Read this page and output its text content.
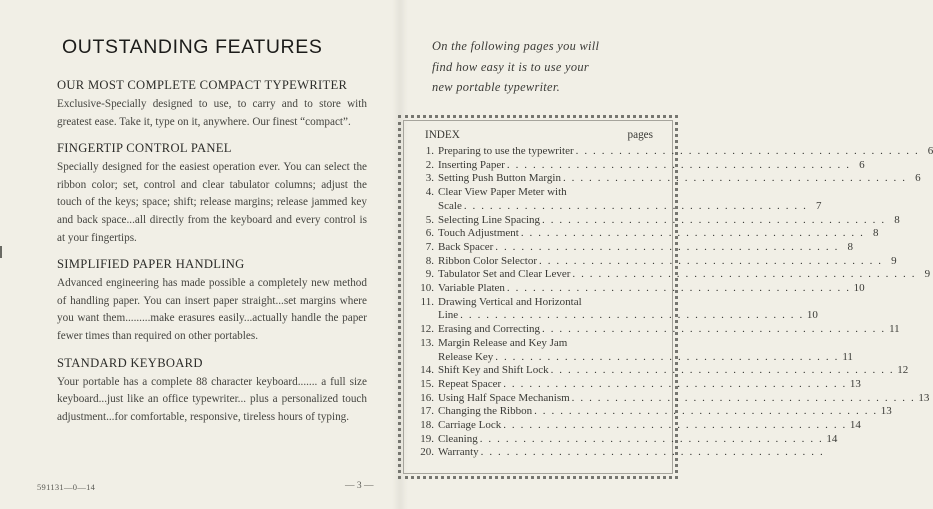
OUTSTANDING FEATURES
OUR MOST COMPLETE COMPACT TYPEWRITER

Exclusive-Specially designed to use, to carry and to store with greatest ease. Take it, type on it, anywhere. Our finest “compact”.

FINGERTIP CONTROL PANEL

Specially designed for the easiest operation ever. You can select the ribbon color; set, control and clear tabulator columns; adjust the touch of the keys; space; shift; release margins; release jammed key and back space...all directly from the keyboard and every control is at your fingertips.

SIMPLIFIED PAPER HANDLING

Advanced engineering has made possible a completely new method of handling paper. You can insert paper straight...set margins where you want them.........make erasures easily...actually handle the paper fewer times than required on other portables.

STANDARD KEYBOARD

Your portable has a complete 88 character keyboard....... a full size keyboard...just like an office typewriter... plus a personalized touch adjustment...for comfortable, responsive, tireless hours of typing.

591131—0—14	— 3 —

On the following pages you will

find how easy it is to use your

new portable typewriter.

INDEX	pages
1. Preparing to use the typewriter . . . . . . . . . . . . . . . . . . . . . . . . . . . . . . . . . . . . . . . . 6
2. Inserting Paper . . . . . . . . . . . . . . . . . . . . . . . . . . . . . . . . . . . . . . . . 6
3. Setting Push Button Margin . . . . . . . . . . . . . . . . . . . . . . . . . . . . . . . . . . . . . . . . 6
4. Clear View Paper Meter with
Scale . . . . . . . . . . . . . . . . . . . . . . . . . . . . . . . . . . . . . . . . 7
5. Selecting Line Spacing . . . . . . . . . . . . . . . . . . . . . . . . . . . . . . . . . . . . . . . . 8
6. Touch Adjustment . . . . . . . . . . . . . . . . . . . . . . . . . . . . . . . . . . . . . . . . 8
7. Back Spacer . . . . . . . . . . . . . . . . . . . . . . . . . . . . . . . . . . . . . . . . 8
8. Ribbon Color Selector . . . . . . . . . . . . . . . . . . . . . . . . . . . . . . . . . . . . . . . . 9
9. Tabulator Set and Clear Lever . . . . . . . . . . . . . . . . . . . . . . . . . . . . . . . . . . . . . . . . 9
10. Variable Platen . . . . . . . . . . . . . . . . . . . . . . . . . . . . . . . . . . . . . . . . 10
11. Drawing Vertical and Horizontal
Line . . . . . . . . . . . . . . . . . . . . . . . . . . . . . . . . . . . . . . . . 10
12. Erasing and Correcting . . . . . . . . . . . . . . . . . . . . . . . . . . . . . . . . . . . . . . . . 11
13. Margin Release and Key Jam
Release Key . . . . . . . . . . . . . . . . . . . . . . . . . . . . . . . . . . . . . . . . 11
14. Shift Key and Shift Lock . . . . . . . . . . . . . . . . . . . . . . . . . . . . . . . . . . . . . . . . 12
15. Repeat Spacer . . . . . . . . . . . . . . . . . . . . . . . . . . . . . . . . . . . . . . . . 13
16. Using Half Space Mechanism . . . . . . . . . . . . . . . . . . . . . . . . . . . . . . . . . . . . . . . . 13
17. Changing the Ribbon . . . . . . . . . . . . . . . . . . . . . . . . . . . . . . . . . . . . . . . . 13
18. Carriage Lock . . . . . . . . . . . . . . . . . . . . . . . . . . . . . . . . . . . . . . . . 14
19. Cleaning . . . . . . . . . . . . . . . . . . . . . . . . . . . . . . . . . . . . . . . . 14
20. Warranty . . . . . . . . . . . . . . . . . . . . . . . . . . . . . . . . . . . . . . . .
